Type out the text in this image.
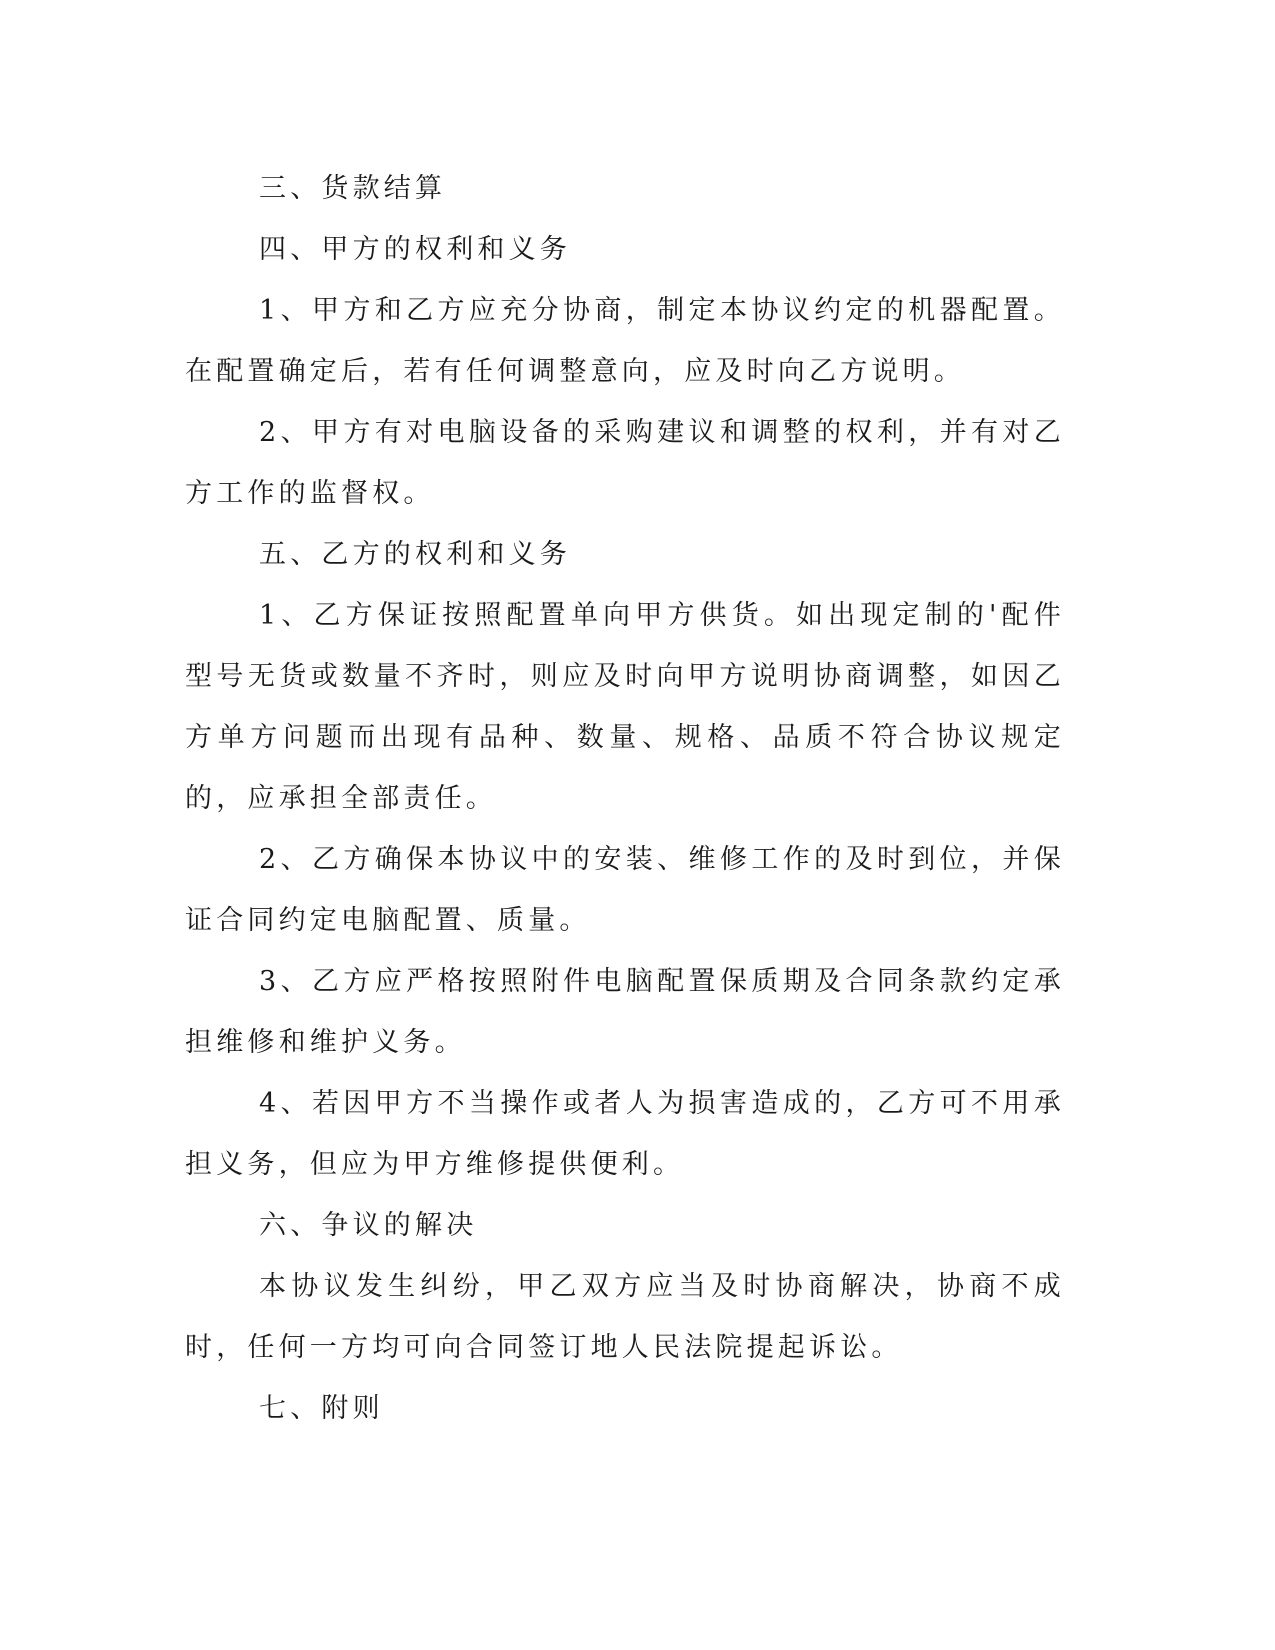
三、货款结算

四、甲方的权利和义务

1、甲方和乙方应充分协商，制定本协议约定的机器配置。在配置确定后，若有任何调整意向，应及时向乙方说明。

2、甲方有对电脑设备的采购建议和调整的权利，并有对乙方工作的监督权。

五、乙方的权利和义务

1、乙方保证按照配置单向甲方供货。如出现定制的'配件型号无货或数量不齐时，则应及时向甲方说明协商调整，如因乙方单方问题而出现有品种、数量、规格、品质不符合协议规定的，应承担全部责任。

2、乙方确保本协议中的安装、维修工作的及时到位，并保证合同约定电脑配置、质量。

3、乙方应严格按照附件电脑配置保质期及合同条款约定承担维修和维护义务。

4、若因甲方不当操作或者人为损害造成的，乙方可不用承担义务，但应为甲方维修提供便利。

六、争议的解决

本协议发生纠纷，甲乙双方应当及时协商解决，协商不成时，任何一方均可向合同签订地人民法院提起诉讼。

七、附则
